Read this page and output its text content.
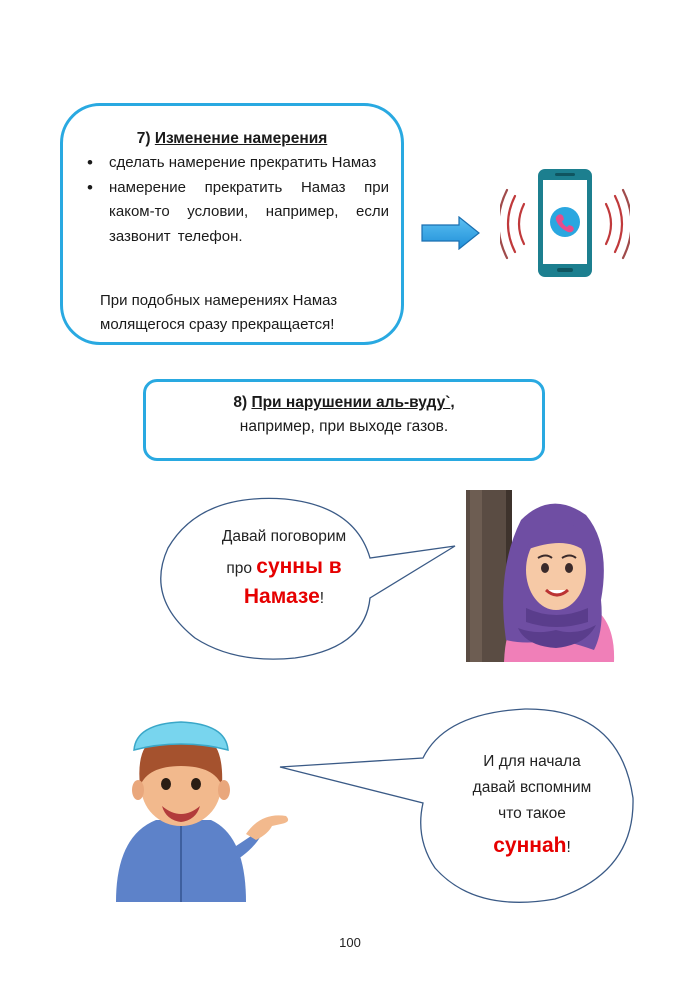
7) Изменение намерения
• сделать намерение прекратить Намаз
• намерение прекратить Намаз при каком-то условии, например, если зазвонит телефон.
При подобных намерениях Намаз
молящегося сразу прекращается!
8) При нарушении аль-вуду`,
например, при выходе газов.
Давай поговорим
про сунны в
Намазе!
И для начала
давай вспомним
что такое
суннаh!
100
